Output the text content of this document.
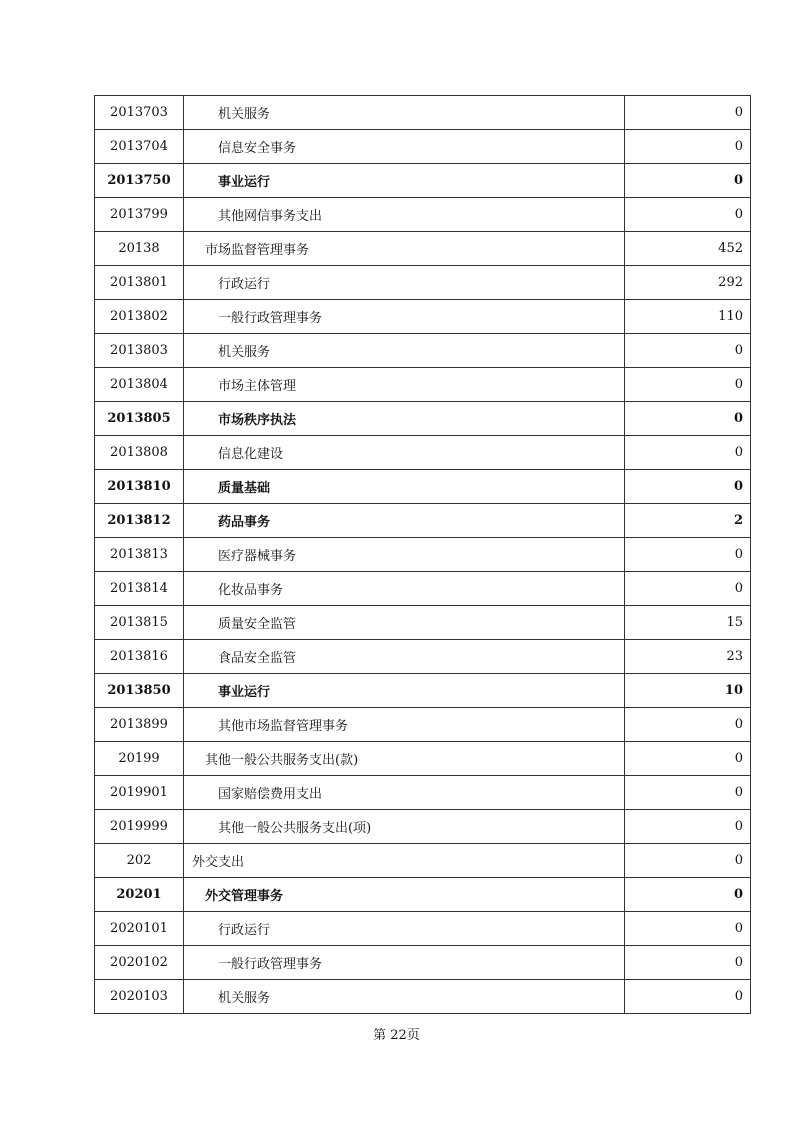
2013703	机关服务	0
2013704	信息安全事务	0
2013750	事业运行	0
2013799	其他网信事务支出	0
20138	市场监督管理事务	452
2013801	行政运行	292
2013802	一般行政管理事务	110
2013803	机关服务	0
2013804	市场主体管理	0
2013805	市场秩序执法	0
2013808	信息化建设	0
2013810	质量基础	0
2013812	药品事务	2
2013813	医疗器械事务	0
2013814	化妆品事务	0
2013815	质量安全监管	15
2013816	食品安全监管	23
2013850	事业运行	10
2013899	其他市场监督管理事务	0
20199	其他一般公共服务支出(款)	0
2019901	国家赔偿费用支出	0
2019999	其他一般公共服务支出(项)	0
202	外交支出	0
20201	外交管理事务	0
2020101	行政运行	0
2020102	一般行政管理事务	0
2020103	机关服务	0
第 22页
